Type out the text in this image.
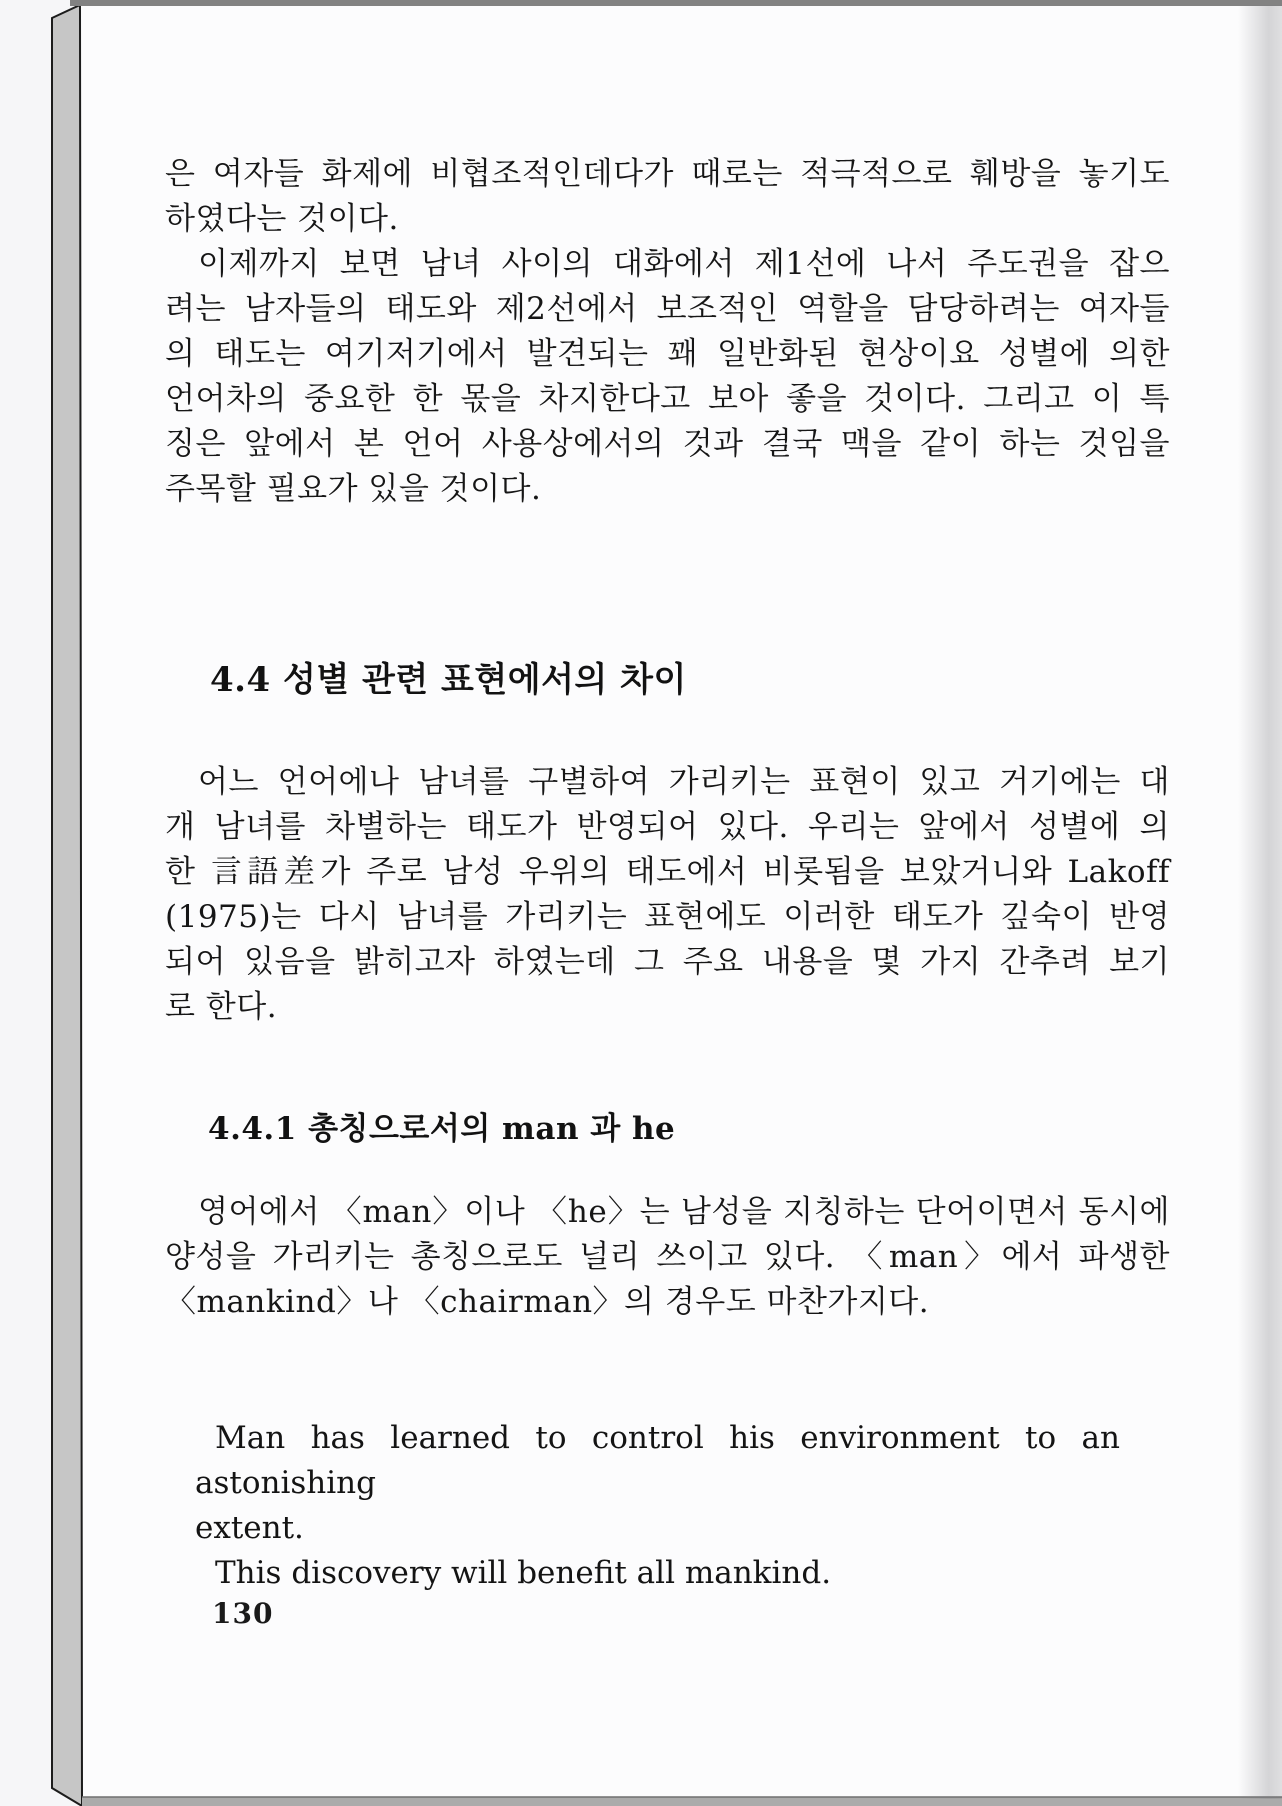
은 여자들 화제에 비협조적인데다가 때로는 적극적으로 훼방을 놓기도
하였다는 것이다.
이제까지 보면 남녀 사이의 대화에서 제1선에 나서 주도권을 잡으
려는 남자들의 태도와 제2선에서 보조적인 역할을 담당하려는 여자들
의 태도는 여기저기에서 발견되는 꽤 일반화된 현상이요 성별에 의한
언어차의 중요한 한 몫을 차지한다고 보아 좋을 것이다. 그리고 이 특
징은 앞에서 본 언어 사용상에서의 것과 결국 맥을 같이 하는 것임을
주목할 필요가 있을 것이다.
4.4 성별 관련 표현에서의 차이
어느 언어에나 남녀를 구별하여 가리키는 표현이 있고 거기에는 대
개 남녀를 차별하는 태도가 반영되어 있다. 우리는 앞에서 성별에 의
한 言語差가 주로 남성 우위의 태도에서 비롯됨을 보았거니와 Lakoff
(1975)는 다시 남녀를 가리키는 표현에도 이러한 태도가 깊숙이 반영
되어 있음을 밝히고자 하였는데 그 주요 내용을 몇 가지 간추려 보기
로 한다.
4.4.1 총칭으로서의 man 과 he
영어에서 〈man〉이나 〈he〉는 남성을 지칭하는 단어이면서 동시에
양성을 가리키는 총칭으로도 널리 쓰이고 있다. 〈man〉에서 파생한
〈mankind〉나 〈chairman〉의 경우도 마찬가지다.
Man has learned to control his environment to an astonishing
extent.
This discovery will benefit all mankind.
130
